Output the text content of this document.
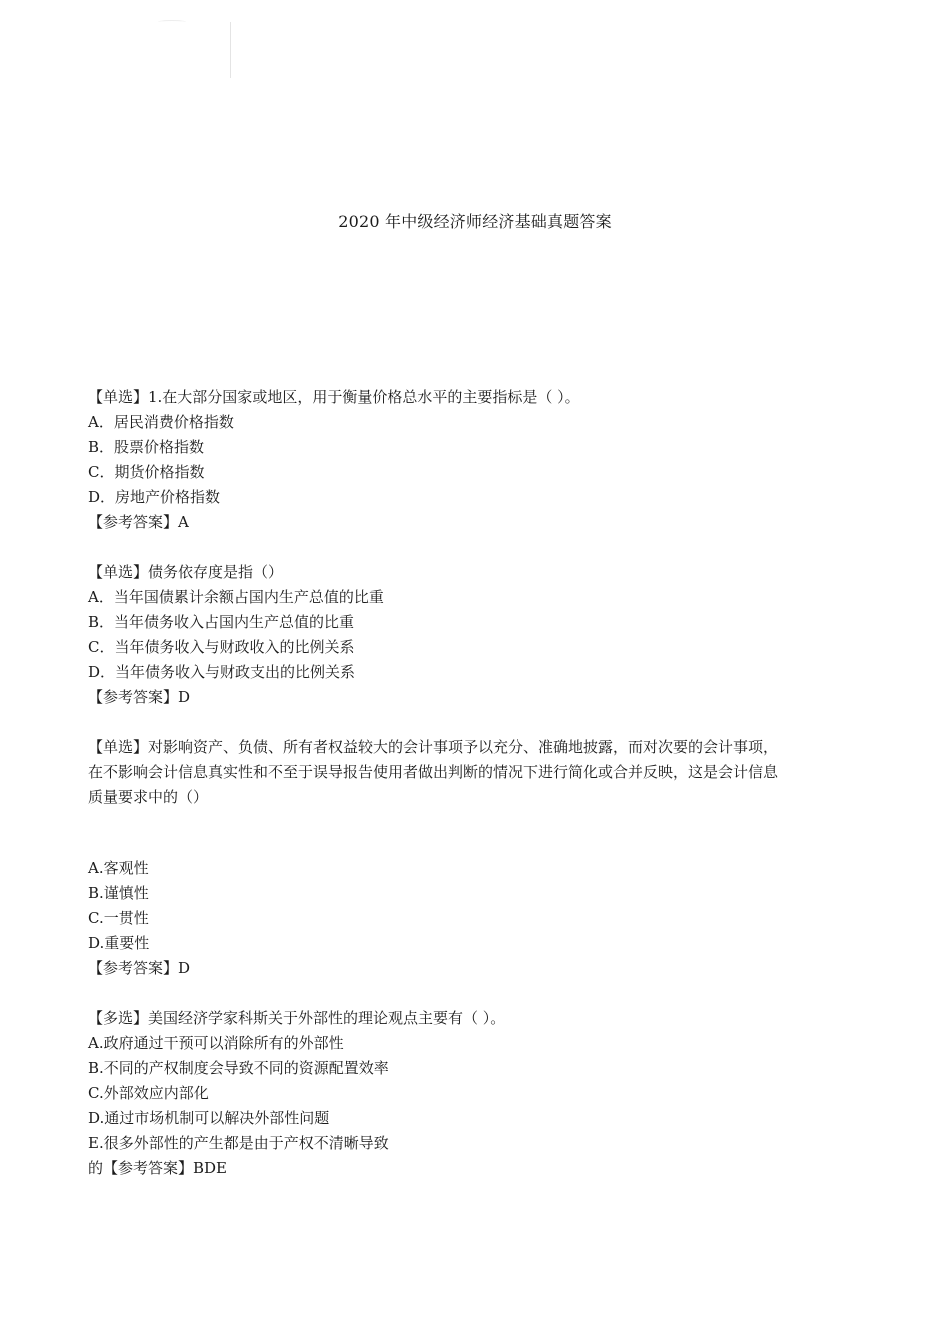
2020 年中级经济师经济基础真题答案
【单选】1.在大部分国家或地区，用于衡量价格总水平的主要指标是（ ）。
A．居民消费价格指数
B．股票价格指数
C．期货价格指数
D．房地产价格指数
【参考答案】A
【单选】债务依存度是指（）
A．当年国债累计余额占国内生产总值的比重
B．当年债务收入占国内生产总值的比重
C．当年债务收入与财政收入的比例关系
D．当年债务收入与财政支出的比例关系
【参考答案】D
【单选】对影响资产、负债、所有者权益较大的会计事项予以充分、准确地披露，而对次要的会计事项，
在不影响会计信息真实性和不至于误导报告使用者做出判断的情况下进行简化或合并反映，这是会计信息
质量要求中的（）
A.客观性
B.谨慎性
C.一贯性
D.重要性
【参考答案】D
【多选】美国经济学家科斯关于外部性的理论观点主要有（ ）。
A.政府通过干预可以消除所有的外部性
B.不同的产权制度会导致不同的资源配置效率
C.外部效应内部化
D.通过市场机制可以解决外部性问题
E.很多外部性的产生都是由于产权不清晰导致
的【参考答案】BDE
